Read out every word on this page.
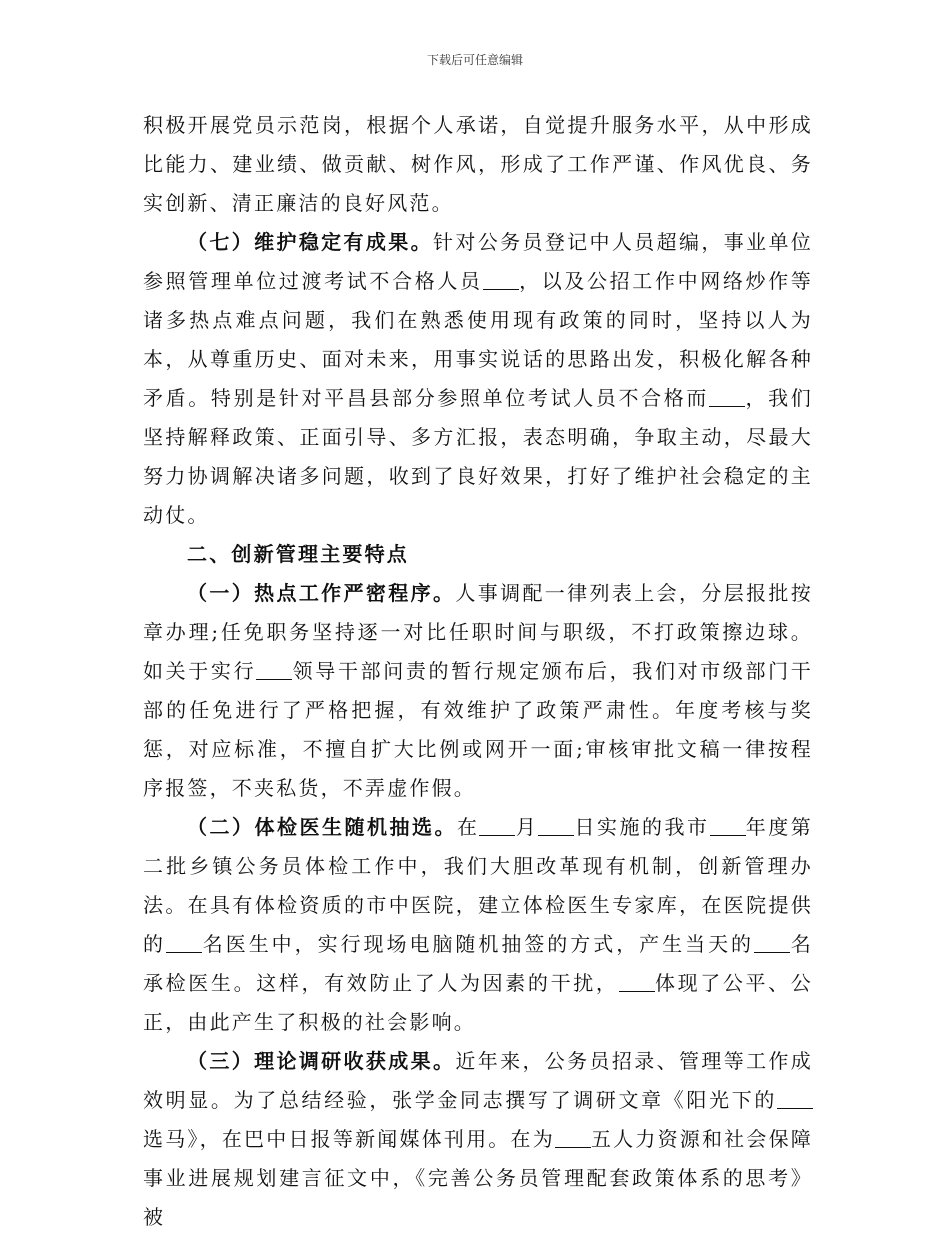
下载后可任意编辑

积极开展党员示范岗，根据个人承诺，自觉提升服务水平，从中形成比能力、建业绩、做贡献、树作风，形成了工作严谨、作风优良、务实创新、清正廉洁的良好风范。

（七）维护稳定有成果。针对公务员登记中人员超编，事业单位参照管理单位过渡考试不合格人员 ，以及公招工作中网络炒作等诸多热点难点问题，我们在熟悉使用现有政策的同时，坚持以人为本，从尊重历史、面对未来，用事实说话的思路出发，积极化解各种矛盾。特别是针对平昌县部分参照单位考试人员不合格而 ，我们坚持解释政策、正面引导、多方汇报，表态明确，争取主动，尽最大努力协调解决诸多问题，收到了良好效果，打好了维护社会稳定的主动仗。

二、创新管理主要特点

（一）热点工作严密程序。人事调配一律列表上会，分层报批按章办理;任免职务坚持逐一对比任职时间与职级，不打政策擦边球。如关于实行 领导干部问责的暂行规定颁布后，我们对市级部门干部的任免进行了严格把握，有效维护了政策严肃性。年度考核与奖惩，对应标准，不擅自扩大比例或网开一面;审核审批文稿一律按程序报签，不夹私货，不弄虚作假。

（二）体检医生随机抽选。在 月 日实施的我市 年度第二批乡镇公务员体检工作中，我们大胆改革现有机制，创新管理办法。在具有体检资质的市中医院，建立体检医生专家库，在医院提供的 名医生中，实行现场电脑随机抽签的方式，产生当天的 名承检医生。这样，有效防止了人为因素的干扰， 体现了公平、公正，由此产生了积极的社会影响。

（三）理论调研收获成果。近年来，公务员招录、管理等工作成效明显。为了总结经验，张学金同志撰写了调研文章《阳光下的选马》，在巴中日报等新闻媒体刊用。在为 五人力资源和社会保障事业进展规划建言征文中，《完善公务员管理配套政策体系的思考》被
